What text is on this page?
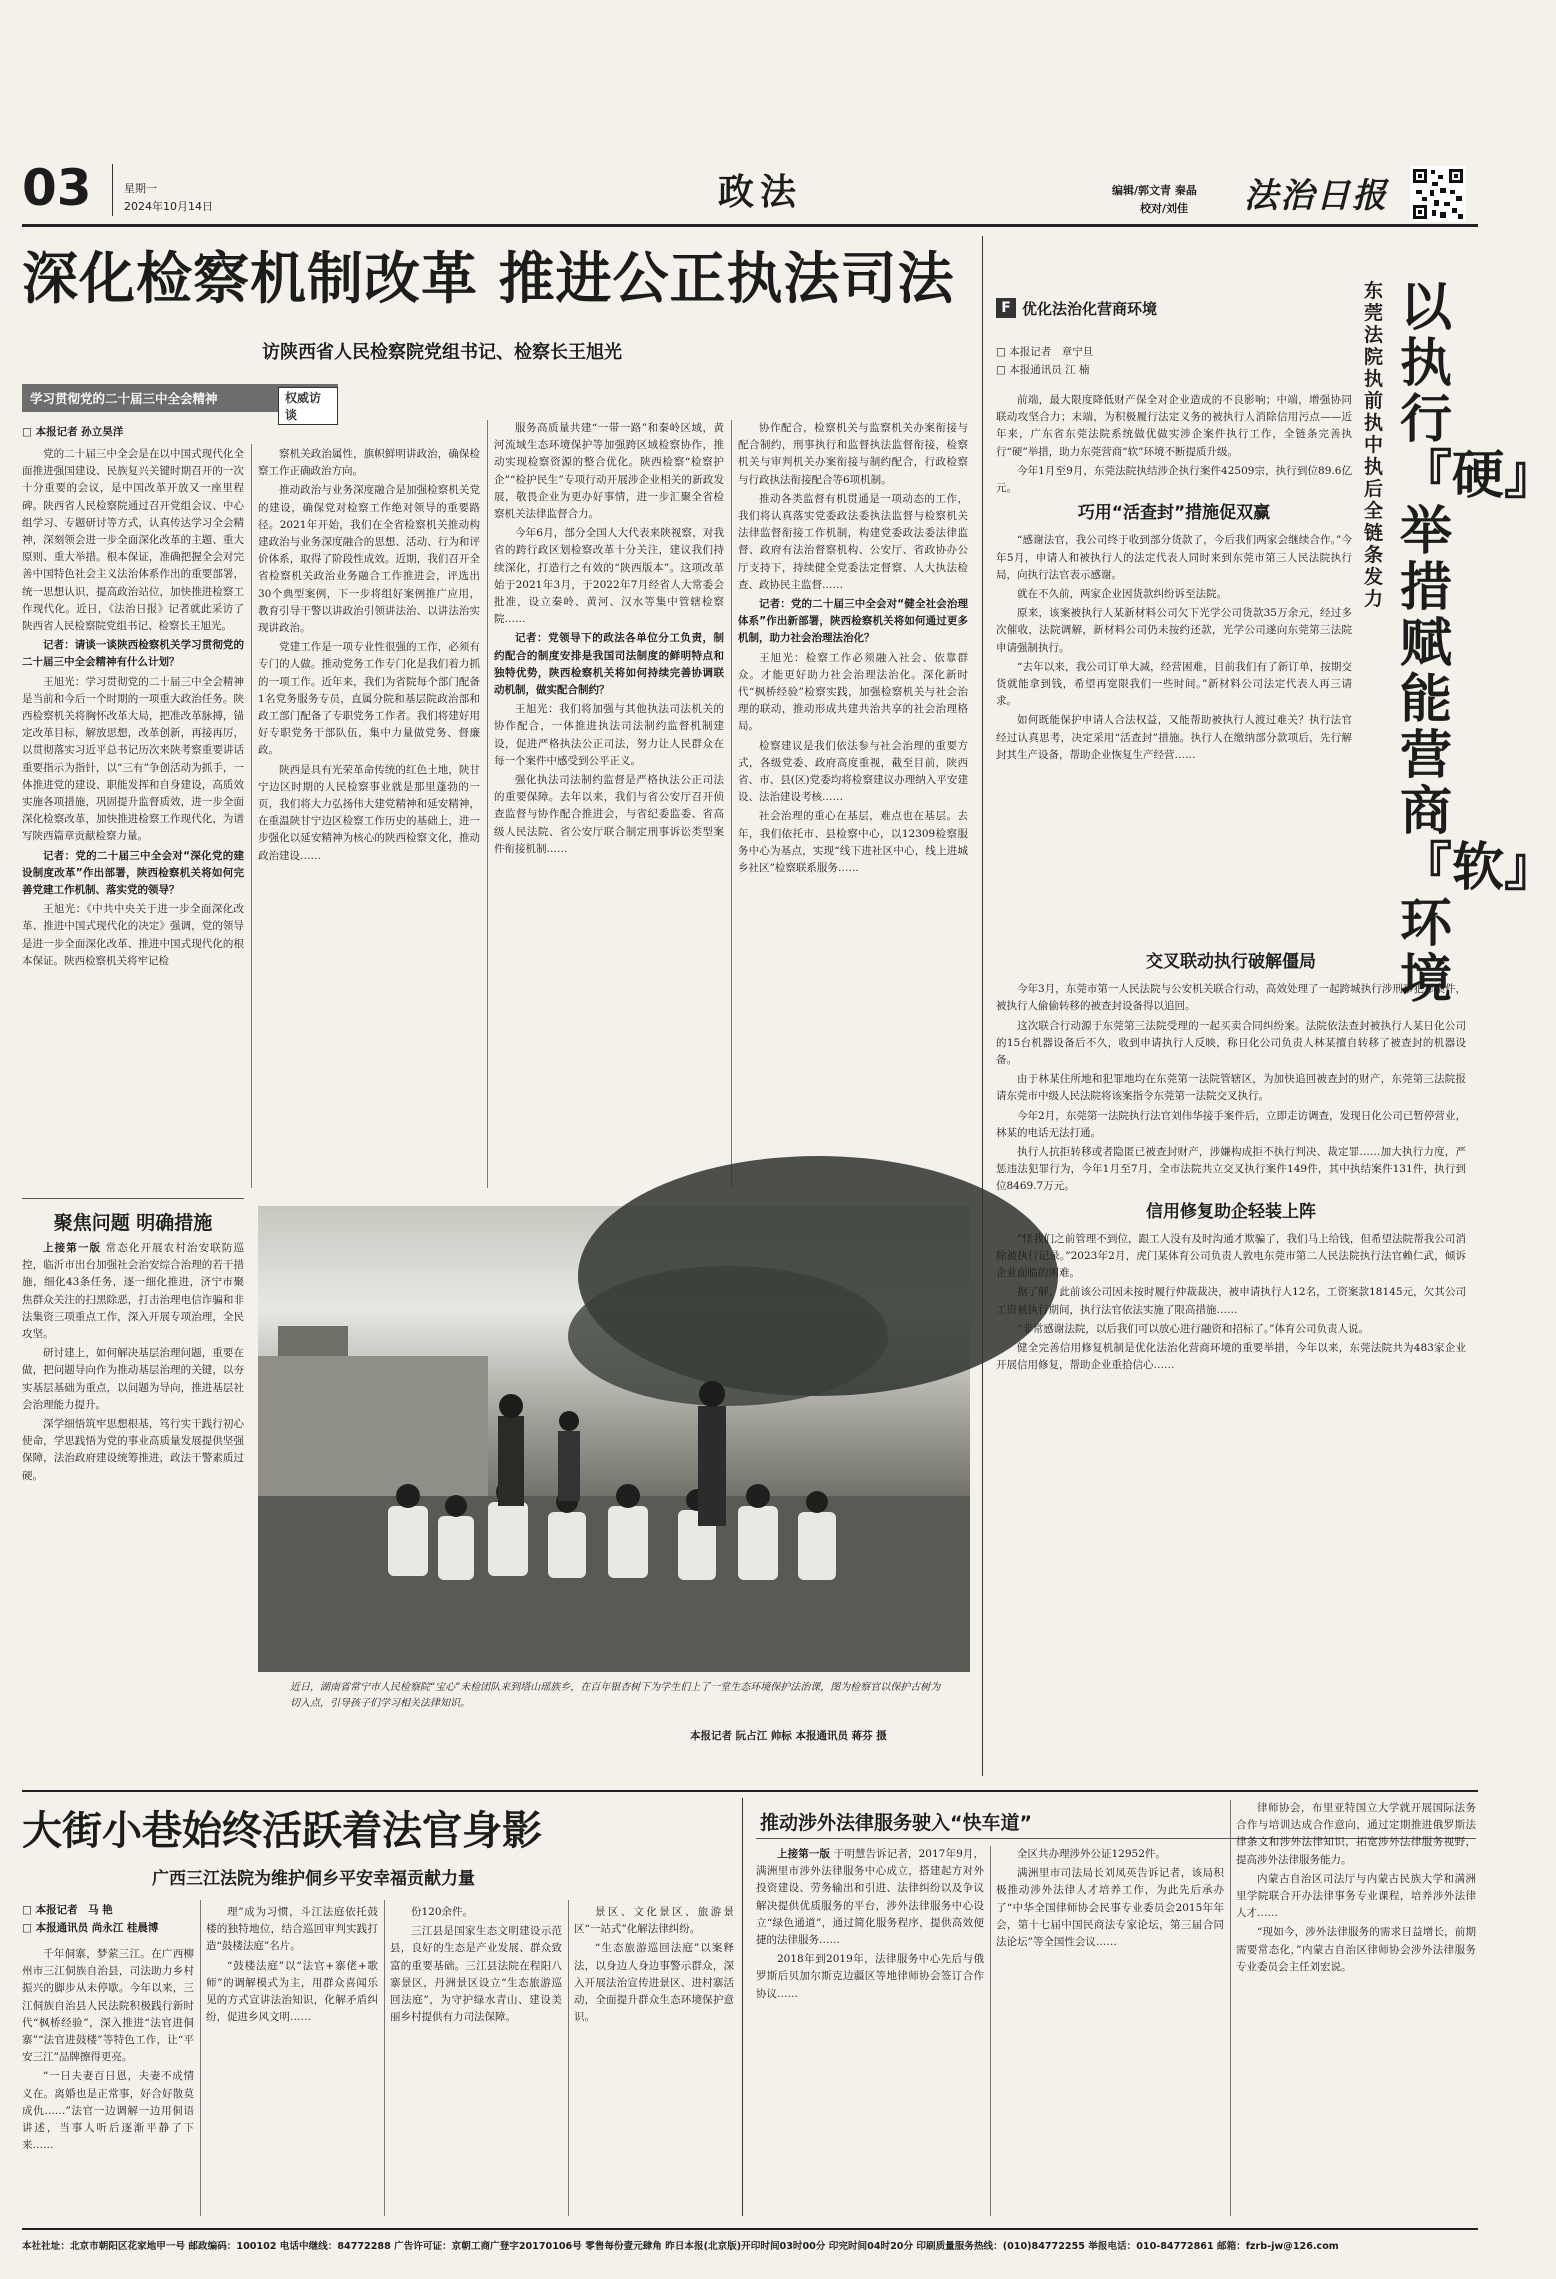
03	星期一
2024年10月14日	政法	编辑/郭文青 秦晶
校对/刘佳 法治日报
深化检察机制改革 推进公正执法司法
访陕西省人民检察院党组书记、检察长王旭光
学习贯彻党的二十届三中全会精神	权威访谈
□ 本报记者 孙立昊洋

党的二十届三中全会是在以中国式现代化全面推进强国建设、民族复兴关键时期召开的一次十分重要的会议，是中国改革开放又一座里程碑。陕西省人民检察院通过召开党组会议、中心组学习、专题研讨等方式，认真传达学习全会精神，深刻领会进一步全面深化改革的主题、重大原则、重大举措。根本保证，准确把握全会对完善中国特色社会主义法治体系作出的重要部署，统一思想认识，提高政治站位，加快推进检察工作现代化。近日，《法治日报》记者就此采访了陕西省人民检察院党组书记、检察长王旭光。

记者：请谈一谈陕西检察机关学习贯彻党的二十届三中全会精神有什么计划？

王旭光：学习贯彻党的二十届三中全会精神是当前和今后一个时期的一项重大政治任务。陕西检察机关将胸怀改革大局，把准改革脉搏，锚定改革目标，解放思想，改革创新，再接再厉，以贯彻落实习近平总书记历次来陕考察重要讲话重要指示为指针，以“三有”争创活动为抓手，一体推进党的建设、职能发挥和自身建设，高质效实施各项措施，巩固提升监督质效，进一步全面深化检察改革，加快推进检察工作现代化，为谱写陕西篇章贡献检察力量。

记者：党的二十届三中全会对“深化党的建设制度改革”作出部署，陕西检察机关将如何完善党建工作机制、落实党的领导？

王旭光：《中共中央关于进一步全面深化改革、推进中国式现代化的决定》强调，党的领导是进一步全面深化改革、推进中国式现代化的根本保证。陕西检察机关将牢记检

察机关政治属性，旗帜鲜明讲政治，确保检察工作正确政治方向。

推动政治与业务深度融合是加强检察机关党的建设，确保党对检察工作绝对领导的重要路径。2021年开始，我们在全省检察机关推动构建政治与业务深度融合的思想、活动、行为和评价体系，取得了阶段性成效。近期，我们召开全省检察机关政治业务融合工作推进会，评选出30个典型案例，下一步将组好案例推广应用，教育引导干警以讲政治引领讲法治、以讲法治实现讲政治。

党建工作是一项专业性很强的工作，必须有专门的人做。推动党务工作专门化是我们着力抓的一项工作。近年来，我们为省院每个部门配备1名党务服务专员，直属分院和基层院政治部和政工部门配备了专职党务工作者。我们将建好用好专职党务干部队伍，集中力量做党务、督廉政。

陕西是具有光荣革命传统的红色土地，陕甘宁边区时期的人民检察事业就是那里蓬勃的一页，我们将大力弘扬伟大建党精神和延安精神，在重温陕甘宁边区检察工作历史的基础上，进一步强化以延安精神为核心的陕西检察文化，推动政治建设……

服务高质量共建“一带一路”和秦岭区域，黄河流域生态环境保护等加强跨区域检察协作，推动实现检察资源的整合优化。陕西检察“检察护企”“检护民生”专项行动开展涉企业相关的新政发展，敬畏企业为更办好事情，进一步汇聚全省检察机关法律监督合力。

今年6月，部分全国人大代表来陕视察，对我省的跨行政区划检察改革十分关注，建议我们持续深化，打造行之有效的“陕西版本”。这项改革始于2021年3月，于2022年7月经省人大常委会批准，设立秦岭、黄河、汉水等集中管辖检察院……

记者：党领导下的政法各单位分工负责，制约配合的制度安排是我国司法制度的鲜明特点和独特优势，陕西检察机关将如何持续完善协调联动机制，做实配合制约？

王旭光：我们将加强与其他执法司法机关的协作配合，一体推进执法司法制约监督机制建设，促进严格执法公正司法，努力让人民群众在每一个案件中感受到公平正义。

强化执法司法制约监督是严格执法公正司法的重要保障。去年以来，我们与省公安厅召开侦查监督与协作配合推进会，与省纪委监委、省高级人民法院、省公安厅联合制定刑事诉讼类型案件衔接机制……

协作配合，检察机关与监察机关办案衔接与配合制约，刑事执行和监督执法监督衔接，检察机关与审判机关办案衔接与制约配合，行政检察与行政执法衔接配合等6项机制。

推动各类监督有机贯通是一项动态的工作，我们将认真落实党委政法委执法监督与检察机关法律监督衔接工作机制，构建党委政法委法律监督、政府有法治督察机构、公安厅、省政协办公厅支持下，持续健全党委法定督察、人大执法检查、政协民主监督……

记者：党的二十届三中全会对“健全社会治理体系”作出新部署，陕西检察机关将如何通过更多机制，助力社会治理法治化？

王旭光：检察工作必须融入社会、依靠群众。才能更好助力社会治理法治化。深化新时代“枫桥经验”检察实践，加强检察机关与社会治理的联动，推动形成共建共治共享的社会治理格局。

检察建议是我们依法参与社会治理的重要方式，各级党委、政府高度重视，截至目前，陕西省、市、县(区)党委均将检察建议办理纳入平安建设、法治建设考核……

社会治理的重心在基层，难点也在基层。去年，我们依托市、县检察中心，以12309检察服务中心为基点，实现“线下进社区中心，线上进城乡社区”检察联系服务……

聚焦问题 明确措施

上接第一版 常态化开展农村治安联防巡控，临沂市出台加强社会治安综合治理的若干措施，细化43条任务，逐一细化推进，济宁市聚焦群众关注的扫黑除恶，打击治理电信诈骗和非法集资三项重点工作，深入开展专项治理，全民攻坚。

研讨建上，如何解决基层治理问题，重要在做，把问题导向作为推动基层治理的关键，以夯实基层基础为重点，以问题为导向，推进基层社会治理能力提升。

深学细悟筑牢思想根基，笃行实干践行初心使命，学思践悟为党的事业高质量发展提供坚强保障，法治政府建设统筹推进，政法干警素质过硬。

近日，湖南省常宁市人民检察院“宝心”未检团队来到塔山瑶族乡，在百年银杏树下为学生们上了一堂生态环境保护法治课，图为检察官以保护古树为切入点，引导孩子们学习相关法律知识。
本报记者 阮占江 帅标 本报通讯员 蒋芬 摄
F 优化法治化营商环境
□ 本报记者　章宁旦
□ 本报通讯员 江 楠
东莞法院执前执中执后全链条发力
以执行『硬』举措赋能营商『软』环境

前端，最大限度降低财产保全对企业造成的不良影响；中端，增强协同联动攻坚合力；末端，为积极履行法定义务的被执行人消除信用污点——近年来，广东省东莞法院系统做优做实涉企案件执行工作，全链条完善执行“硬”举措，助力东莞营商“软”环境不断提质升级。

今年1月至9月，东莞法院执结涉企执行案件42509宗，执行到位89.6亿元。

巧用“活查封”措施促双赢

“感谢法官，我公司终于收到部分货款了，今后我们两家会继续合作。”今年5月，申请人和被执行人的法定代表人同时来到东莞市第三人民法院执行局，向执行法官表示感谢。

就在不久前，两家企业因货款纠纷诉至法院。

原来，该案被执行人某新材料公司欠下光学公司货款35万余元，经过多次催收，法院调解，新材料公司仍未按约还款，光学公司遂向东莞第三法院申请强制执行。

“去年以来，我公司订单大减，经营困难，目前我们有了新订单，按期交货就能拿到钱，希望再宽限我们一些时间。”新材料公司法定代表人再三请求。

如何既能保护申请人合法权益，又能帮助被执行人渡过难关？执行法官经过认真思考，决定采用“活查封”措施。执行人在缴纳部分款项后，先行解封其生产设备，帮助企业恢复生产经营……

交叉联动执行破解僵局

今年3月，东莞市第一人民法院与公安机关联合行动，高效处理了一起跨城执行涉刑事犯罪案件，被执行人偷偷转移的被查封设备得以追回。

这次联合行动源于东莞第三法院受理的一起买卖合同纠纷案。法院依法查封被执行人某日化公司的15台机器设备后不久，收到申请执行人反映，称日化公司负责人林某擅自转移了被查封的机器设备。

由于林某住所地和犯罪地均在东莞第一法院管辖区，为加快追回被查封的财产，东莞第三法院报请东莞市中级人民法院将该案指令东莞第一法院交叉执行。

今年2月，东莞第一法院执行法官刘伟华接手案件后，立即走访调查，发现日化公司已暂停营业，林某的电话无法打通。

执行人抗拒转移或者隐匿已被查封财产，涉嫌构成拒不执行判决、裁定罪……加大执行力度，严惩违法犯罪行为，今年1月至7月，全市法院共立交叉执行案件149件，其中执结案件131件，执行到位8469.7万元。

信用修复助企轻装上阵

“怪我们之前管理不到位，跟工人没有及时沟通才欺骗了，我们马上给钱，但希望法院帮我公司消除被执行记录。”2023年2月，虎门某体育公司负责人敦电东莞市第二人民法院执行法官赖仁武，倾诉企业面临的困难。

据了解，此前该公司因未按时履行仲裁裁决，被申请执行人12名，工资案款18145元，欠其公司工资被执行期间，执行法官依法实施了限高措施……

“非常感谢法院，以后我们可以放心进行融资和招标了。”体育公司负责人说。

健全完善信用修复机制是优化法治化营商环境的重要举措，今年以来，东莞法院共为483家企业开展信用修复，帮助企业重拾信心……

大街小巷始终活跃着法官身影
广西三江法院为维护侗乡平安幸福贡献力量
□ 本报记者　马 艳
□ 本报通讯员 尚永江 桂晨博

千年侗寨，梦萦三江。在广西柳州市三江侗族自治县，司法助力乡村振兴的脚步从未停歇。今年以来，三江侗族自治县人民法院积极践行新时代“枫桥经验”，深入推进“法官进侗寨”“法官进鼓楼”等特色工作，让“平安三江”品牌擦得更亮。

“一日夫妻百日恩，夫妻不成情义在。离婚也是正常事，好合好散莫成仇……”法官一边调解一边用侗语讲述，当事人听后逐渐平静了下来……

理”成为习惯，斗江法庭依托鼓楼的独特地位，结合巡回审判实践打造“鼓楼法庭”名片。

“鼓楼法庭”以“法官+寨佬+歌师”的调解模式为主，用群众喜闻乐见的方式宣讲法治知识，化解矛盾纠纷，促进乡风文明……

份120余件。

三江县是国家生态文明建设示范县，良好的生态是产业发展、群众致富的重要基础。三江县法院在程阳八寨景区，丹洲景区设立“生态旅游巡回法庭”，为守护绿水青山、建设美丽乡村提供有力司法保障。

景区、文化景区、旅游景区“一站式”化解法律纠纷。

“生态旅游巡回法庭”以案释法，以身边人身边事警示群众，深入开展法治宣传进景区、进村寨活动，全面提升群众生态环境保护意识。

推动涉外法律服务驶入“快车道”

上接第一版 于明慧告诉记者，2017年9月，满洲里市涉外法律服务中心成立，搭建起方对外投资建设、劳务输出和引进、法律纠纷以及争议解决提供优质服务的平台，涉外法律服务中心设立“绿色通道”，通过简化服务程序，提供高效便捷的法律服务……

2018年到2019年，法律服务中心先后与俄罗斯后贝加尔斯克边疆区等地律师协会签订合作协议……

全区共办理涉外公证12952件。

满洲里市司法局长刘凤英告诉记者，该局积极推动涉外法律人才培养工作，为此先后承办了“中华全国律师协会民事专业委员会2015年年会，第十七届中国民商法专家论坛，第三届合同法论坛”等全国性会议……

律师协会，布里亚特国立大学就开展国际法务合作与培训达成合作意向，通过定期推进俄罗斯法律条文和涉外法律知识，拓宽涉外法律服务视野，提高涉外法律服务能力。

内蒙古自治区司法厅与内蒙古民族大学和满洲里学院联合开办法律事务专业课程，培养涉外法律人才……

“现如今，涉外法律服务的需求日益增长，前期需要常态化，”内蒙古自治区律师协会涉外法律服务专业委员会主任刘宏说。

本社社址：北京市朝阳区花家地甲一号 邮政编码：100102 电话中继线：84772288 广告许可证：京朝工商广登字20170106号 零售每份壹元肆角 昨日本报(北京版)开印时间03时00分 印完时间04时20分 印刷质量服务热线：(010)84772255 举报电话：010-84772861 邮箱：fzrb-jw@126.com
